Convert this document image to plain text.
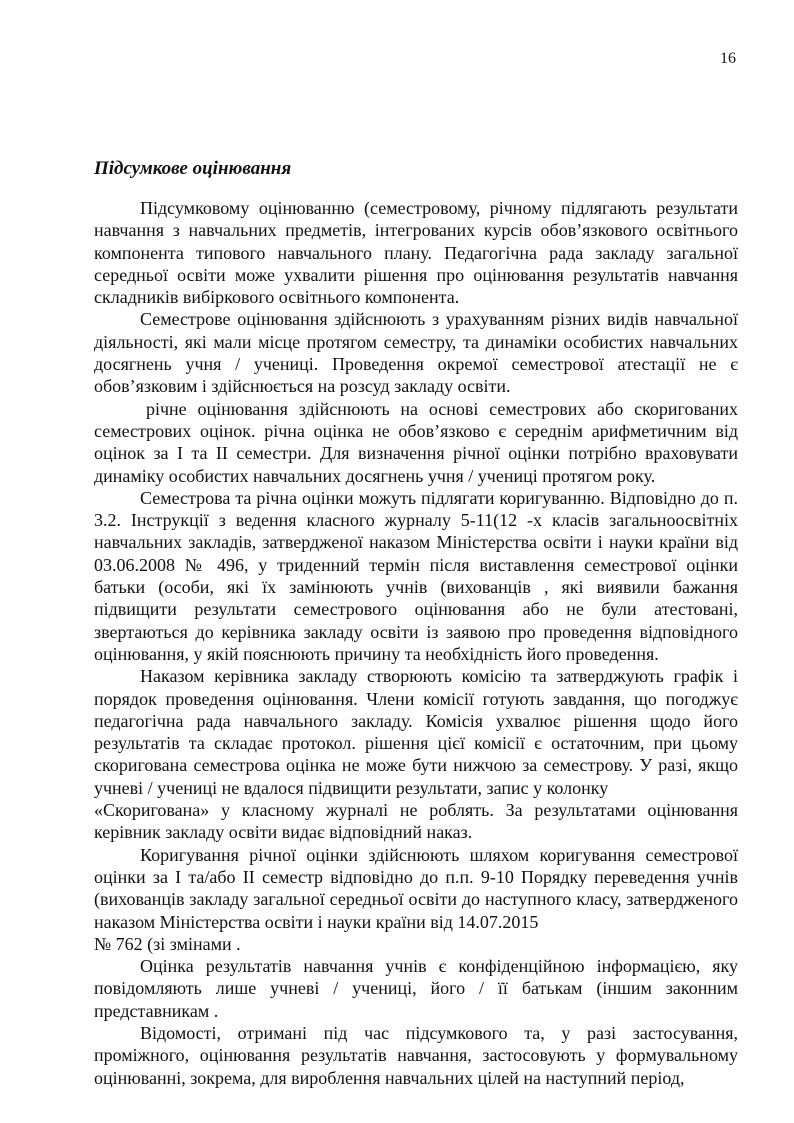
16
Підсумкове оцінювання

Підсумковому оцінюванню (семестровому, річному підлягають результати навчання з навчальних предметів, інтегрованих курсів обов’язкового освітнього компонента типового навчального плану. Педагогічна рада закладу загальної середньої освіти може ухвалити рішення про оцінювання результатів навчання складників вибіркового освітнього компонента.

Семестрове оцінювання здійснюють з урахуванням різних видів навчальної діяльності, які мали місце протягом семестру, та динаміки особистих навчальних досягнень учня / учениці. Проведення окремої семестрової атестації не є обов’язковим і здійснюється на розсуд закладу освіти.

річне оцінювання здійснюють на основі семестрових або скоригованих семестрових оцінок. річна оцінка не обов’язково є середнім арифметичним від оцінок за І та ІІ семестри. Для визначення річної оцінки потрібно враховувати динаміку особистих навчальних досягнень учня / учениці протягом року.

Семестрова та річна оцінки можуть підлягати коригуванню. Відповідно до п. 3.2. Інструкції з ведення класного журналу 5-11(12 -х класів загальноосвітніх навчальних закладів, затвердженої наказом Міністерства освіти і науки країни від 03.06.2008 № 496, у триденний термін після виставлення семестрової оцінки батьки (особи, які їх замінюють учнів (вихованців , які виявили бажання підвищити результати семестрового оцінювання або не були атестовані, звертаються до керівника закладу освіти із заявою про проведення відповідного оцінювання, у якій пояснюють причину та необхідність його проведення.

Наказом керівника закладу створюють комісію та затверджують графік і порядок проведення оцінювання. Члени комісії готують завдання, що погоджує педагогічна рада навчального закладу. Комісія ухвалює рішення щодо його результатів та складає протокол. рішення цієї комісії є остаточним, при цьому скоригована семестрова оцінка не може бути нижчою за семестрову. У разі, якщо учневі / учениці не вдалося підвищити результати, запис у колонку
«Скоригована» у класному журналі не роблять. За результатами оцінювання керівник закладу освіти видає відповідний наказ.

Коригування річної оцінки здійснюють шляхом коригування семестрової оцінки за І та/або ІІ семестр відповідно до п.п. 9-10 Порядку переведення учнів (вихованців закладу загальної середньої освіти до наступного класу, затвердженого наказом Міністерства освіти і науки країни від 14.07.2015

№ 762 (зі змінами .

Оцінка результатів навчання учнів є конфіденційною інформацією, яку повідомляють лише учневі / учениці, його / її батькам (іншим законним представникам .

Відомості, отримані під час підсумкового та, у разі застосування, проміжного, оцінювання результатів навчання, застосовують у формувальному оцінюванні, зокрема, для вироблення навчальних цілей на наступний період,
